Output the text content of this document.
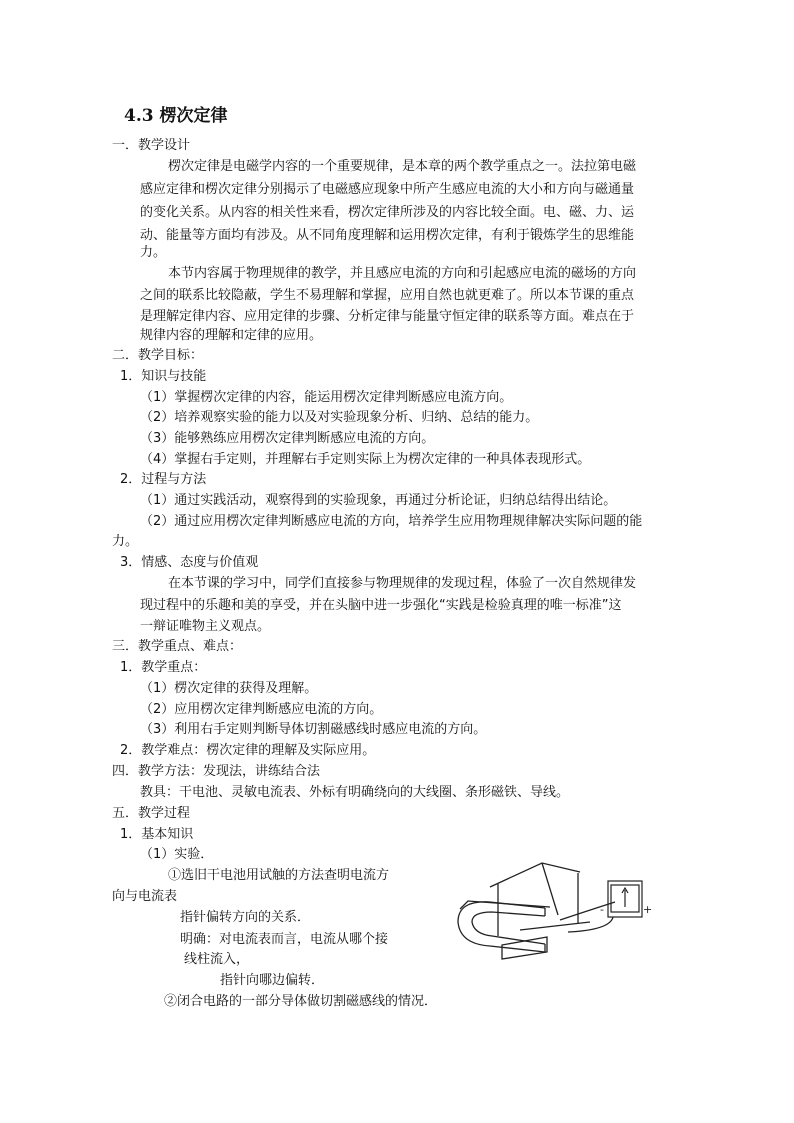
4.3 楞次定律
一．教学设计
楞次定律是电磁学内容的一个重要规律，是本章的两个教学重点之一。法拉第电磁
感应定律和楞次定律分别揭示了电磁感应现象中所产生感应电流的大小和方向与磁通量
的变化关系。从内容的相关性来看，楞次定律所涉及的内容比较全面。电、磁、力、运
动、能量等方面均有涉及。从不同角度理解和运用楞次定律，有利于锻炼学生的思维能
力。
本节内容属于物理规律的教学，并且感应电流的方向和引起感应电流的磁场的方向
之间的联系比较隐蔽，学生不易理解和掌握，应用自然也就更难了。所以本节课的重点
是理解定律内容、应用定律的步骤、分析定律与能量守恒定律的联系等方面。难点在于
规律内容的理解和定律的应用。
二．教学目标：
1．知识与技能
（1）掌握楞次定律的内容，能运用楞次定律判断感应电流方向。
（2）培养观察实验的能力以及对实验现象分析、归纳、总结的能力。
（3）能够熟练应用楞次定律判断感应电流的方向。
（4）掌握右手定则，并理解右手定则实际上为楞次定律的一种具体表现形式。
2．过程与方法
（1）通过实践活动，观察得到的实验现象，再通过分析论证，归纳总结得出结论。
（2）通过应用楞次定律判断感应电流的方向，培养学生应用物理规律解决实际问题的能
力。
3．情感、态度与价值观
在本节课的学习中，同学们直接参与物理规律的发现过程，体验了一次自然规律发
现过程中的乐趣和美的享受，并在头脑中进一步强化“实践是检验真理的唯一标准”这
一辩证唯物主义观点。
三．教学重点、难点：
1．教学重点：
（1）楞次定律的获得及理解。
（2）应用楞次定律判断感应电流的方向。
（3）利用右手定则判断导体切割磁感线时感应电流的方向。
2．教学难点：楞次定律的理解及实际应用。
四．教学方法：发现法，讲练结合法
教具：干电池、灵敏电流表、外标有明确绕向的大线圈、条形磁铁、导线。
五．教学过程
1．基本知识
（1）实验．
①选旧干电池用试触的方法查明电流方
向与电流表
指针偏转方向的关系．
明确：对电流表而言，电流从哪个接
线柱流入，
指针向哪边偏转．
②闭合电路的一部分导体做切割磁感线的情况．
-	+
